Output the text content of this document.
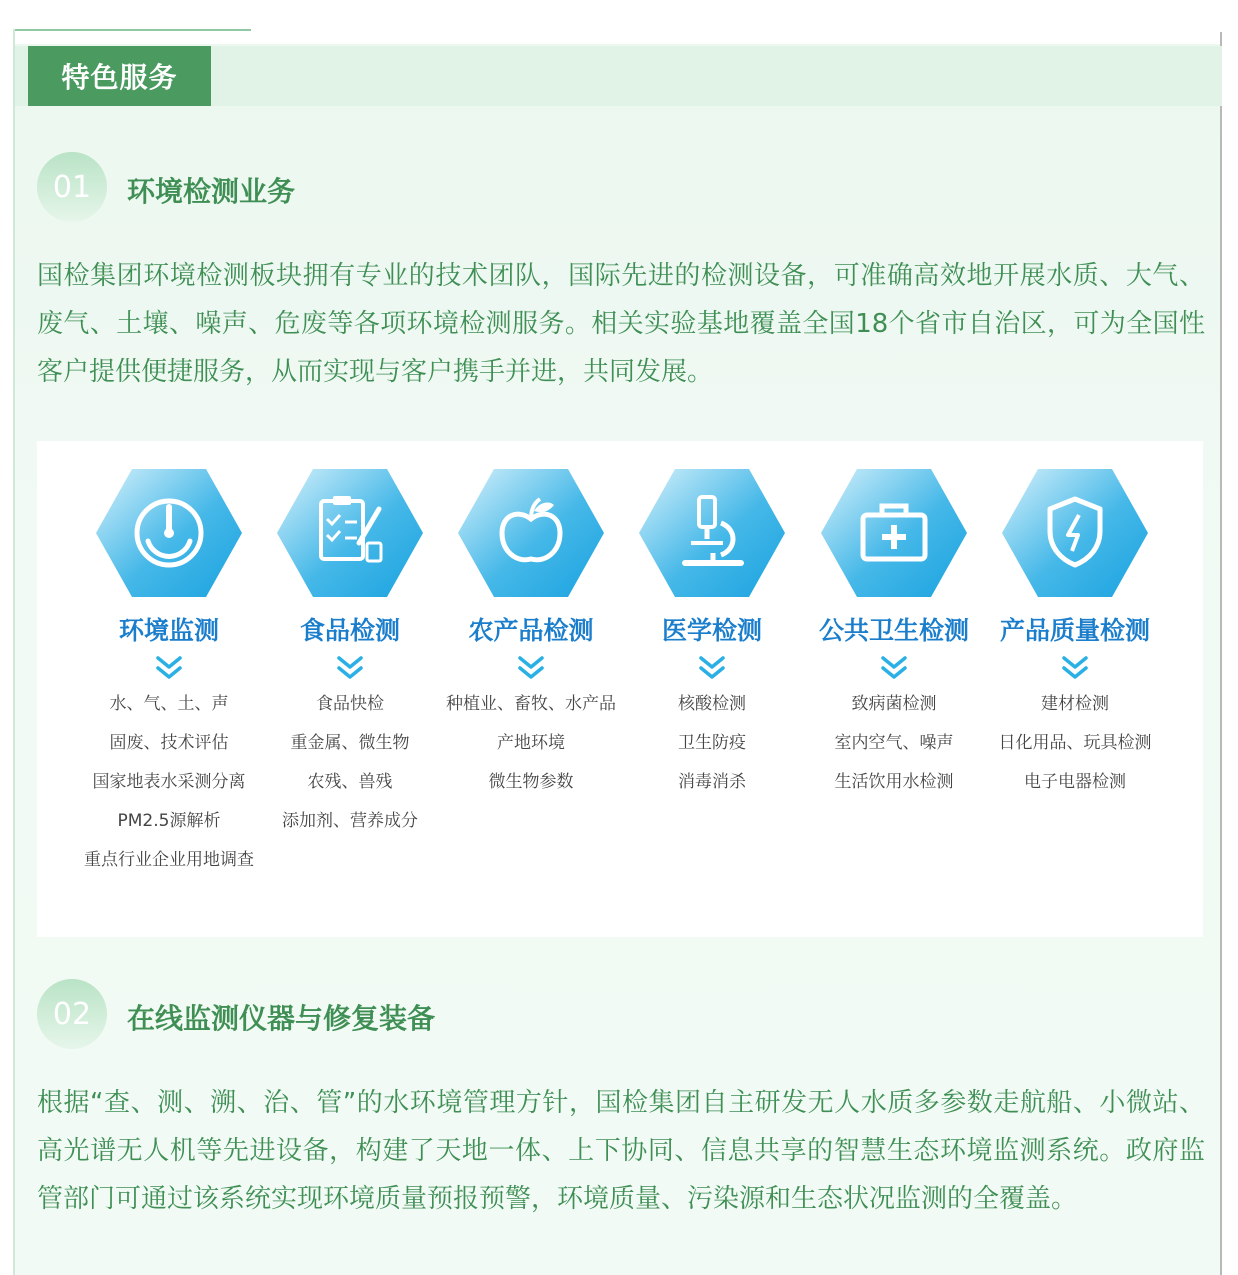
特色服务
01	环境检测业务

国检集团环境检测板块拥有专业的技术团队，国际先进的检测设备，可准确高效地开展水质、大气、废气、土壤、噪声、危废等各项环境检测服务。相关实验基地覆盖全国18个省市自治区，可为全国性客户提供便捷服务，从而实现与客户携手并进，共同发展。

环境监测
水、气、土、声
固废、技术评估
国家地表水采测分离
PM2.5源解析
重点行业企业用地调查
食品检测
食品快检
重金属、微生物
农残、兽残
添加剂、营养成分
农产品检测
种植业、畜牧、水产品
产地环境
微生物参数
医学检测
核酸检测
卫生防疫
消毒消杀
公共卫生检测
致病菌检测
室内空气、噪声
生活饮用水检测
产品质量检测
建材检测
日化用品、玩具检测
电子电器检测
02	在线监测仪器与修复装备

根据“查、测、溯、治、管”的水环境管理方针，国检集团自主研发无人水质多参数走航船、小微站、高光谱无人机等先进设备，构建了天地一体、上下协同、信息共享的智慧生态环境监测系统。政府监管部门可通过该系统实现环境质量预报预警，环境质量、污染源和生态状况监测的全覆盖。
